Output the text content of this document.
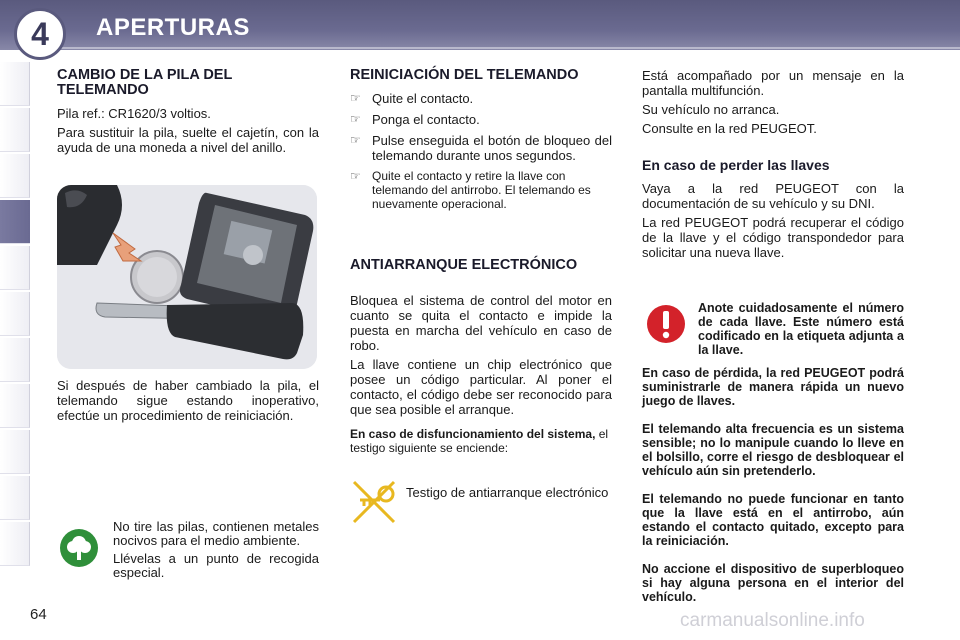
4	APERTURAS
CAMBIO DE LA PILA DEL TELEMANDO

Pila ref.: CR1620/3 voltios.

Para sustituir la pila, suelte el cajetín, con la ayuda de una moneda a nivel del anillo.

Si después de haber cambiado la pila, el telemando sigue estando inoperativo, efectúe un procedimiento de reiniciación.

No tire las pilas, contienen metales nocivos para el medio ambiente.

Llévelas a un punto de recogida especial.

REINICIACIÓN DEL TELEMANDO
☞ Quite el contacto.
☞ Ponga el contacto.
☞ Pulse enseguida el botón de bloqueo del telemando durante unos segundos.
☞ Quite el contacto y retire la llave con telemando del antirrobo. El telemando es nuevamente operacional.
ANTIARRANQUE ELECTRÓNICO

Bloquea el sistema de control del motor en cuanto se quita el contacto e impide la puesta en marcha del vehículo en caso de robo.

La llave contiene un chip electrónico que posee un código particular. Al poner el contacto, el código debe ser reconocido para que sea posible el arranque.

En caso de disfuncionamiento del sistema, el testigo siguiente se enciende:

Testigo de antiarranque electrónico

Está acompañado por un mensaje en la pantalla multifunción.

Su vehículo no arranca.

Consulte en la red PEUGEOT.

En caso de perder las llaves

Vaya a la red PEUGEOT con la documentación de su vehículo y su DNI.

La red PEUGEOT podrá recuperar el código de la llave y el código transpondedor para solicitar una nueva llave.

Anote cuidadosamente el número de cada llave. Este número está codificado en la etiqueta adjunta a la llave.

En caso de pérdida, la red PEUGEOT podrá suministrarle de manera rápida un nuevo juego de llaves.

El telemando alta frecuencia es un sistema sensible; no lo manipule cuando lo lleve en el bolsillo, corre el riesgo de desbloquear el vehículo aún sin pretenderlo.

El telemando no puede funcionar en tanto que la llave está en el antirrobo, aún estando el contacto quitado, excepto para la reiniciación.

No accione el dispositivo de superbloqueo si hay alguna persona en el interior del vehículo.

64	carmanualsonline.info
